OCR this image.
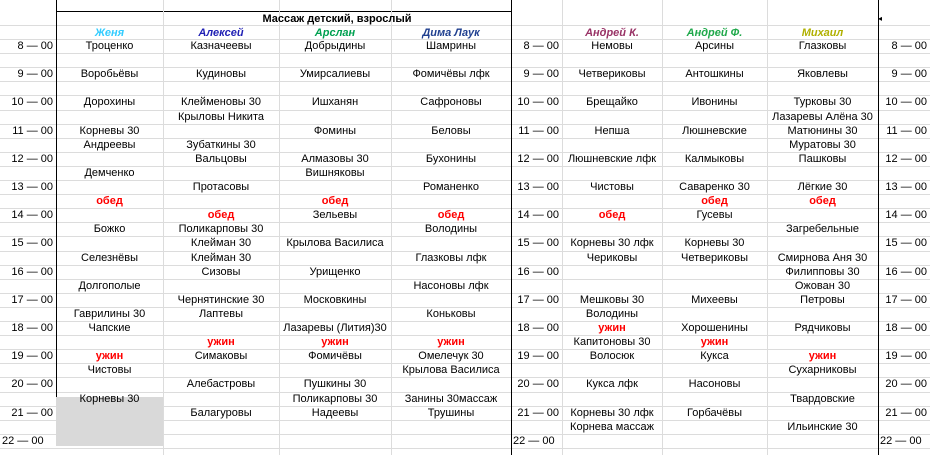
Массаж детский, взрослый	◂
8 — 00
9 — 00
10 — 00
11 — 00
12 — 00
13 — 00
14 — 00
15 — 00
16 — 00
17 — 00
18 — 00
19 — 00
20 — 00
21 — 00
22 — 00
8 — 00
9 — 00
10 — 00
11 — 00
12 — 00
13 — 00
14 — 00
15 — 00
16 — 00
17 — 00
18 — 00
19 — 00
20 — 00
21 — 00
22 — 00
8 — 00
9 — 00
10 — 00
11 — 00
12 — 00
13 — 00
14 — 00
15 — 00
16 — 00
17 — 00
18 — 00
19 — 00
20 — 00
21 — 00
22 — 00
Женя
Троценко
Воробьёвы
Дорохины
Корневы 30
Андреевы
Демченко
обед
Божко
Селезнёвы
Долгополые
Гаврилины 30
Чапские
ужин
Чистовы
Корневы 30
Алексей
Казначеевы
Кудиновы
Клейменовы 30
Крыловы Никита
Зубаткины 30
Вальцовы
Протасовы
обед
Поликарповы 30
Клейман 30
Клейман 30
Сизовы
Чернятинские 30
Лаптевы
ужин
Симаковы
Алебастровы
Балагуровы
Арслан
Добрыдины
Умирсалиевы
Ишханян
Фомины
Алмазовы 30
Вишняковы
обед
Зельевы
Крылова Василиса
Урищенко
Московкины
Лазаревы (Лития)30
ужин
Фомичёвы
Пушкины 30
Поликарповы 30
Надеевы
Дима Лаук
Шамрины
Фомичёвы лфк
Сафроновы
Беловы
Бухонины
Романенко
обед
Володины
Глазковы лфк
Насоновы лфк
Коньковы
ужин
Омелечук 30
Крылова Василиса
Занины 30массаж
Трушины
Андрей К.
Немовы
Четвериковы
Брещайко
Непша
Люшневские лфк
Чистовы
обед
Корневы 30 лфк
Чериковы
Мешковы 30
Володины
ужин
Капитоновы 30
Волосюк
Кукса лфк
Корневы 30 лфк
Корнева массаж
Андрей Ф.
Арсины
Антошкины
Ивонины
Люшневские
Калмыковы
Саваренко 30
обед
Гусевы
Корневы 30
Четвериковы
Михеевы
Хорошенины
ужин
Кукса
Насоновы
Горбачёвы
Михаил
Глазковы
Яковлевы
Турковы 30
Лазаревы Алёна 30
Матюнины 30
Муратовы 30
Пашковы
Лёгкие 30
обед
Загребельные
Смирнова Аня 30
Филипповы 30
Ожован 30
Петровы
Рядчиковы
ужин
Сухарниковы
Твардовские
Ильинские 30
